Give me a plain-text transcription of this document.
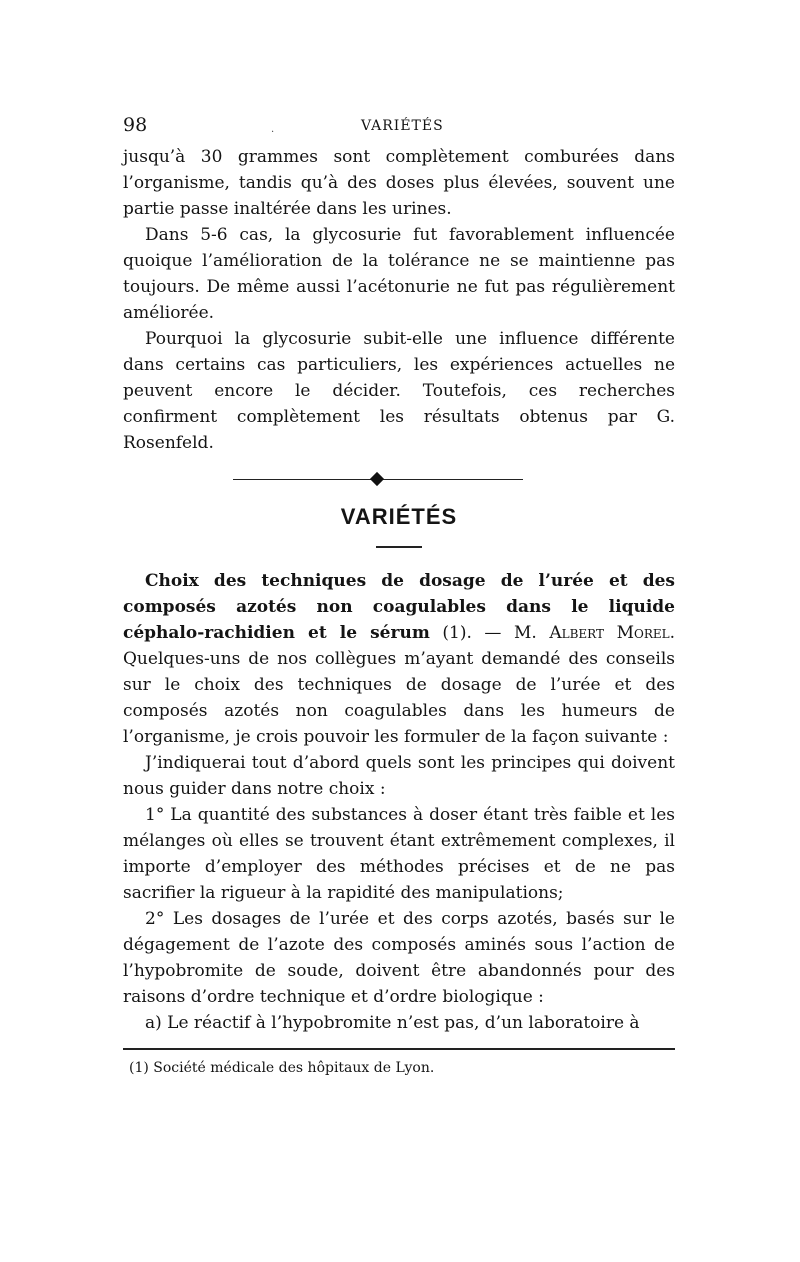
98	.	VARIÉTÉS

jusqu’à 30 grammes sont complètement comburées dans l’organisme, tandis qu’à des doses plus élevées, souvent une partie passe inaltérée dans les urines.

Dans 5-6 cas, la glycosurie fut favorablement influencée quoique l’amélioration de la tolérance ne se maintienne pas toujours. De même aussi l’acétonurie ne fut pas régulièrement améliorée.

Pourquoi la glycosurie subit-elle une influence différente dans certains cas particuliers, les expériences actuelles ne peuvent encore le décider. Toutefois, ces recherches confirment complètement les résultats obtenus par G. Rosenfeld.

VARIÉTÉS

Choix des techniques de dosage de l’urée et des composés azotés non coagulables dans le liquide céphalo-rachidien et le sérum (1). — M. Albert Morel. Quelques-uns de nos collègues m’ayant demandé des conseils sur le choix des techniques de dosage de l’urée et des composés azotés non coagulables dans les humeurs de l’organisme, je crois pouvoir les formuler de la façon suivante :

J’indiquerai tout d’abord quels sont les principes qui doivent nous guider dans notre choix :

1° La quantité des substances à doser étant très faible et les mélanges où elles se trouvent étant extrêmement complexes, il importe d’employer des méthodes précises et de ne pas sacrifier la rigueur à la rapidité des manipulations;

2° Les dosages de l’urée et des corps azotés, basés sur le dégagement de l’azote des composés aminés sous l’action de l’hypobromite de soude, doivent être abandonnés pour des raisons d’ordre technique et d’ordre biologique :

a) Le réactif à l’hypobromite n’est pas, d’un laboratoire à

(1) Société médicale des hôpitaux de Lyon.
